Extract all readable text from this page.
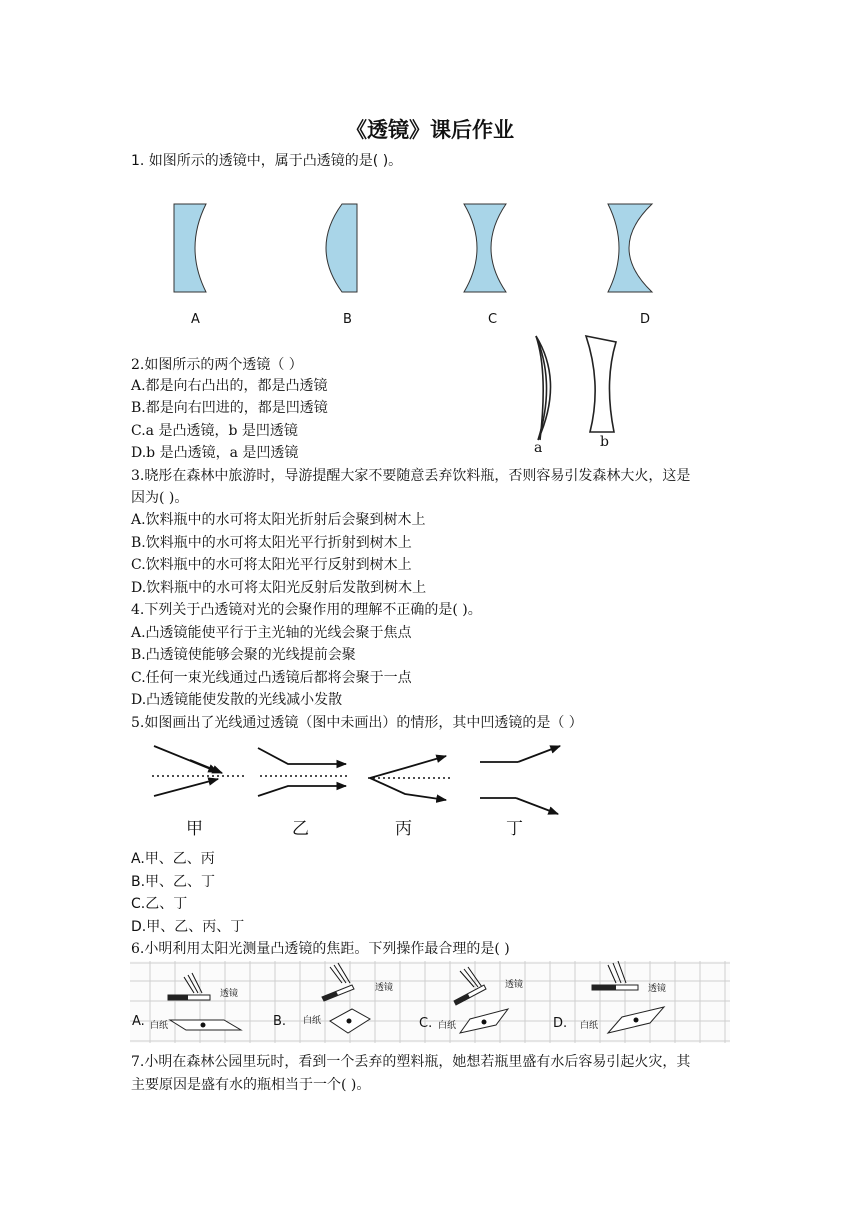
《透镜》课后作业
1. 如图所示的透镜中，属于凸透镜的是( )。
A	B	C	D
2.如图所示的两个透镜（ ）
A.都是向右凸出的，都是凸透镜
B.都是向右凹进的，都是凹透镜
C.a 是凸透镜，b 是凹透镜
D.b 是凸透镜，a 是凹透镜	a	b
3.晓彤在森林中旅游时，导游提醒大家不要随意丢弃饮料瓶，否则容易引发森林大火，这是
因为( )。
A.饮料瓶中的水可将太阳光折射后会聚到树木上
B.饮料瓶中的水可将太阳光平行折射到树木上
C.饮料瓶中的水可将太阳光平行反射到树木上
D.饮料瓶中的水可将太阳光反射后发散到树木上
4.下列关于凸透镜对光的会聚作用的理解不正确的是( )。
A.凸透镜能使平行于主光轴的光线会聚于焦点
B.凸透镜使能够会聚的光线提前会聚
C.任何一束光线通过凸透镜后都将会聚于一点
D.凸透镜能使发散的光线减小发散
5.如图画出了光线通过透镜（图中未画出）的情形，其中凹透镜的是（ ）
甲	乙	丙	丁
A.甲、乙、丙
B.甲、乙、丁
C.乙、丁
D.甲、乙、丙、丁
6.小明利用太阳光测量凸透镜的焦距。下列操作最合理的是( )
A.	B.	C.	D.
透镜
透镜	透镜	透镜
白纸	白纸	白纸	白纸
7.小明在森林公园里玩时，看到一个丢弃的塑料瓶，她想若瓶里盛有水后容易引起火灾，其
主要原因是盛有水的瓶相当于一个( )。
